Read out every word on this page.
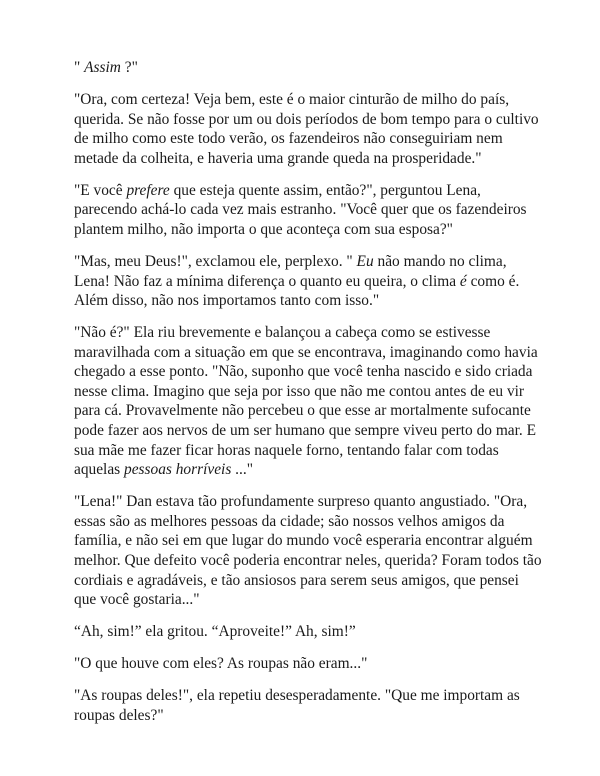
" Assim ?"

"Ora, com certeza! Veja bem, este é o maior cinturão de milho do país, querida. Se não fosse por um ou dois períodos de bom tempo para o cultivo de milho como este todo verão, os fazendeiros não conseguiriam nem metade da colheita, e haveria uma grande queda na prosperidade."

"E você prefere que esteja quente assim, então?", perguntou Lena, parecendo achá-lo cada vez mais estranho. "Você quer que os fazendeiros plantem milho, não importa o que aconteça com sua esposa?"

"Mas, meu Deus!", exclamou ele, perplexo. " Eu não mando no clima, Lena! Não faz a mínima diferença o quanto eu queira, o clima é como é. Além disso, não nos importamos tanto com isso."

"Não é?" Ela riu brevemente e balançou a cabeça como se estivesse maravilhada com a situação em que se encontrava, imaginando como havia chegado a esse ponto. "Não, suponho que você tenha nascido e sido criada nesse clima. Imagino que seja por isso que não me contou antes de eu vir para cá. Provavelmente não percebeu o que esse ar mortalmente sufocante pode fazer aos nervos de um ser humano que sempre viveu perto do mar. E sua mãe me fazer ficar horas naquele forno, tentando falar com todas aquelas pessoas horríveis ..."

"Lena!" Dan estava tão profundamente surpreso quanto angustiado. "Ora, essas são as melhores pessoas da cidade; são nossos velhos amigos da família, e não sei em que lugar do mundo você esperaria encontrar alguém melhor. Que defeito você poderia encontrar neles, querida? Foram todos tão cordiais e agradáveis, e tão ansiosos para serem seus amigos, que pensei que você gostaria..."

“Ah, sim!” ela gritou. “Aproveite!” Ah, sim!”

"O que houve com eles? As roupas não eram..."

"As roupas deles!", ela repetiu desesperadamente. "Que me importam as roupas deles?"
